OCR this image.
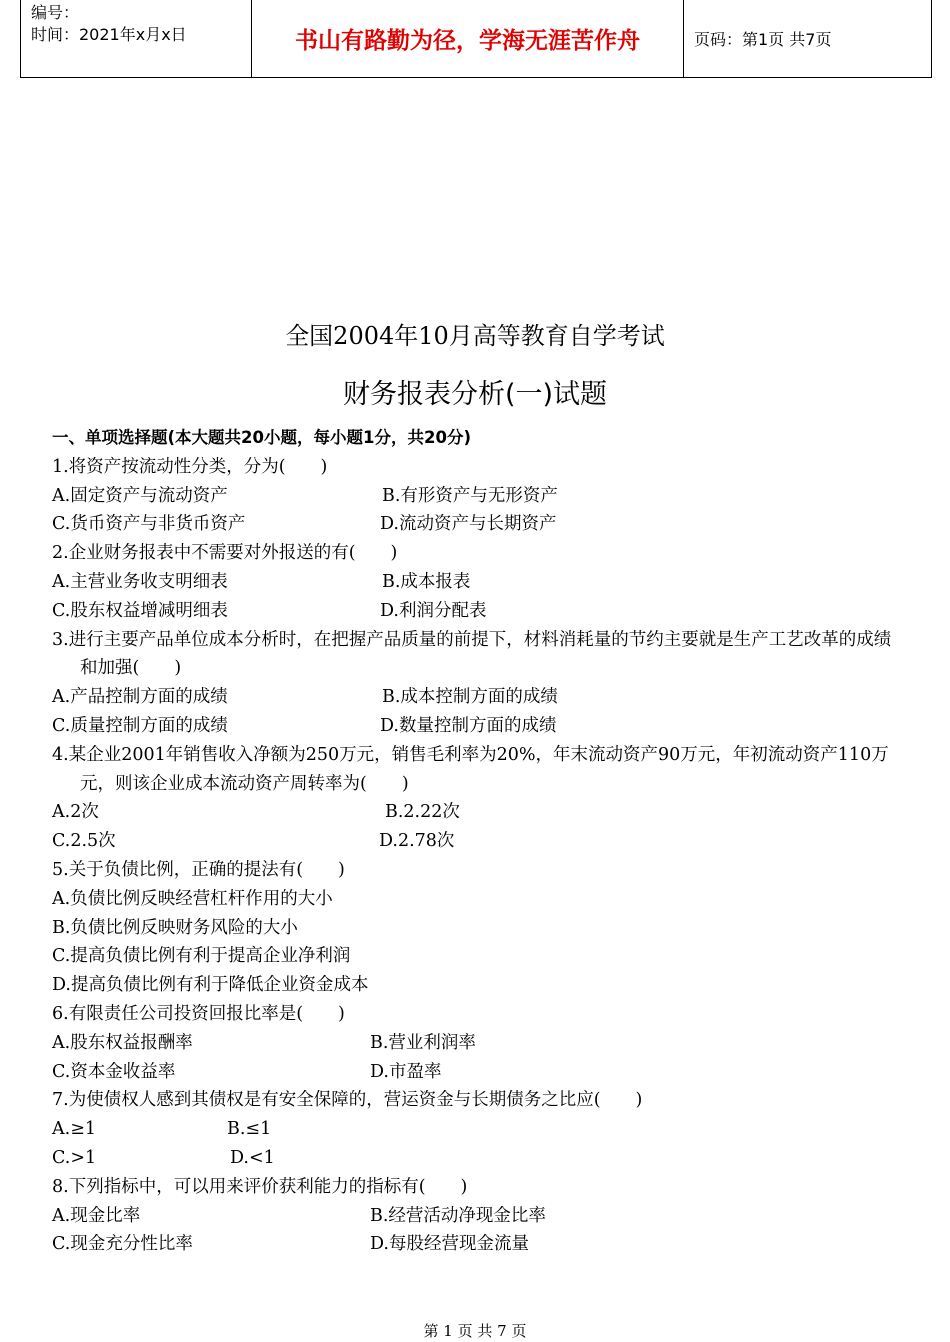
编号：
时间：2021年x月x日	书山有路勤为径，学海无涯苦作舟	页码：第1页 共7页
全国2004年10月高等教育自学考试
财务报表分析(一)试题
一、单项选择题(本大题共20小题，每小题1分，共20分)
1.将资产按流动性分类，分为(　　)
A.固定资产与流动资产	B.有形资产与无形资产
C.货币资产与非货币资产	D.流动资产与长期资产
2.企业财务报表中不需要对外报送的有(　　)
A.主营业务收支明细表	B.成本报表
C.股东权益增减明细表	D.利润分配表
3.进行主要产品单位成本分析时，在把握产品质量的前提下，材料消耗量的节约主要就是生产工艺改革的成绩和加强(　　)
A.产品控制方面的成绩	B.成本控制方面的成绩
C.质量控制方面的成绩	D.数量控制方面的成绩
4.某企业2001年销售收入净额为250万元，销售毛利率为20%，年末流动资产90万元，年初流动资产110万元，则该企业成本流动资产周转率为(　　)
A.2次	B.2.22次
C.2.5次	D.2.78次
5.关于负债比例，正确的提法有(　　)
A.负债比例反映经营杠杆作用的大小
B.负债比例反映财务风险的大小
C.提高负债比例有利于提高企业净利润
D.提高负债比例有利于降低企业资金成本
6.有限责任公司投资回报比率是(　　)
A.股东权益报酬率	B.营业利润率
C.资本金收益率	D.市盈率
7.为使债权人感到其债权是有安全保障的，营运资金与长期债务之比应(　　)
A.≥1	B.≤1
C.>1	D.<1
8.下列指标中，可以用来评价获利能力的指标有(　　)
A.现金比率	B.经营活动净现金比率
C.现金充分性比率	D.每股经营现金流量
第 1 页 共 7 页
